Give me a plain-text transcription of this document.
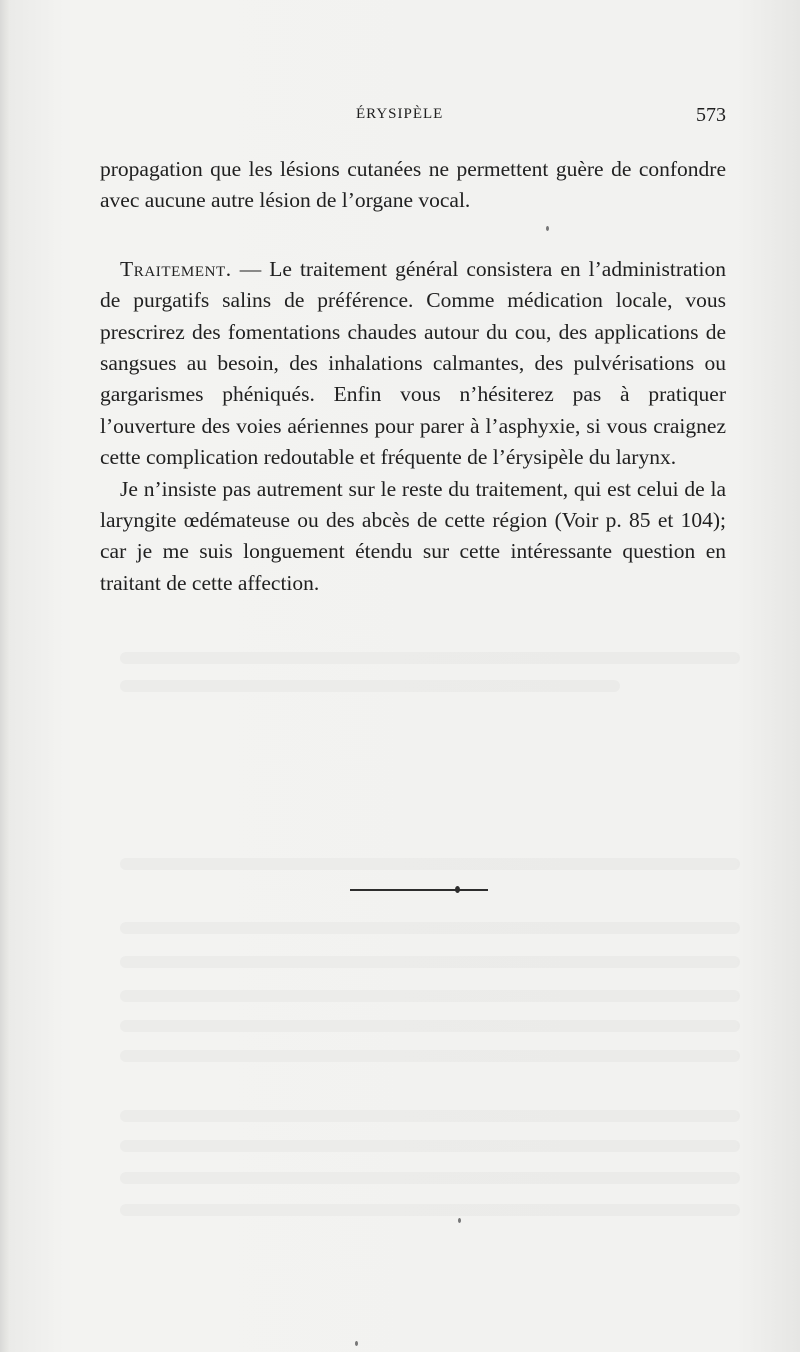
ÉRYSIPÈLE	573

propagation que les lésions cutanées ne permettent guère de confondre avec aucune autre lésion de l’organe vocal.

Traitement. — Le traitement général consistera en l’administration de purgatifs salins de préférence. Comme médication locale, vous prescrirez des fomentations chaudes autour du cou, des applications de sangsues au besoin, des inhalations calmantes, des pulvérisations ou gargarismes phéniqués. Enfin vous n’hésiterez pas à pratiquer l’ouverture des voies aériennes pour parer à l’asphyxie, si vous craignez cette complication redoutable et fréquente de l’érysipèle du larynx.

Je n’insiste pas autrement sur le reste du traitement, qui est celui de la laryngite œdémateuse ou des abcès de cette région (Voir p. 85 et 104); car je me suis longuement étendu sur cette intéressante question en traitant de cette affection.
